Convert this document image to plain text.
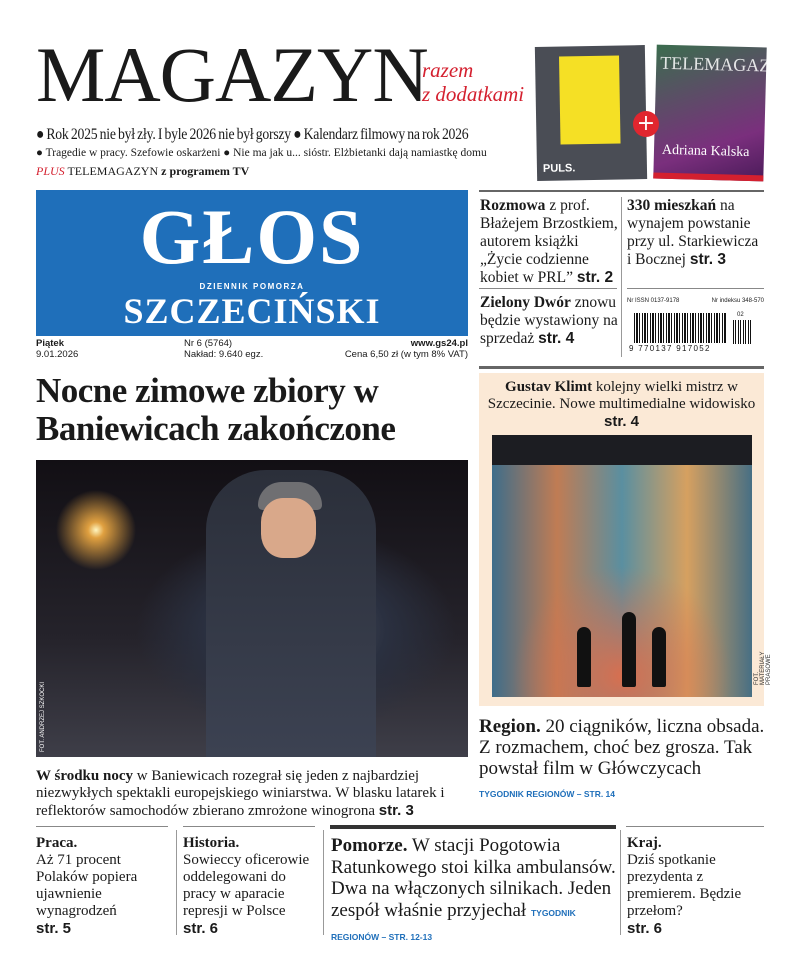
MAGAZYN
razem
z dodatkami
PULS.
TELEMAGAZYN
Adriana Kalska
+
● Rok 2025 nie był zły. I byle 2026 nie był gorszy ● Kalendarz filmowy na rok 2026
● Tragedie w pracy. Szefowie oskarżeni ● Nie ma jak u... sióstr. Elżbietanki dają namiastkę domu
PLUS TELEMAGAZYN z programem TV
GŁOS
DZIENNIK POMORZA
SZCZECIŃSKI
Piątek
9.01.2026
Nr 6 (5764)
Nakład: 9.640 egz.
www.gs24.pl
Cena 6,50 zł (w tym 8% VAT)
Rozmowa z prof. Błażejem Brzostkiem, autorem książki „Życie codzienne kobiet w PRL” str. 2
330 mieszkań na wynajem powstanie przy ul. Starkiewicza i Bocznej str. 3
Zielony Dwór znowu będzie wystawiony na sprzedaż str. 4
Nr ISSN 0137-9178	Nr indeksu 348-570
02
9 770137 917052
Nocne zimowe zbiory w Baniewicach zakończone
FOT. ANDRZEJ SZKOCKI
W środku nocy w Baniewicach rozegrał się jeden z najbardziej niezwykłych spektakli europejskiego winiarstwa. W blasku latarek i reflektorów samochodów zbierano zmrożone winogrona str. 3
Gustav Klimt kolejny wielki mistrz w Szczecinie. Nowe multimedialne widowisko str. 4
FOT. MATERIAŁY PRASOWE
Region. 20 ciągników, liczna obsada. Z rozmachem, choć bez grosza. Tak powstał film w Główczycach
TYGODNIK REGIONÓW – STR. 14
Praca.
Aż 71 procent Polaków popiera ujawnienie wynagrodzeń
str. 5
Historia.
Sowieccy oficerowie oddelegowani do pracy w aparacie represji w Polsce
str. 6
Pomorze. W stacji Pogotowia Ratunkowego stoi kilka ambulansów. Dwa na włączonych silnikach. Jeden zespół właśnie przyjechał TYGODNIK REGIONÓW – STR. 12-13
Kraj.
Dziś spotkanie prezydenta z premierem. Będzie przełom?
str. 6
